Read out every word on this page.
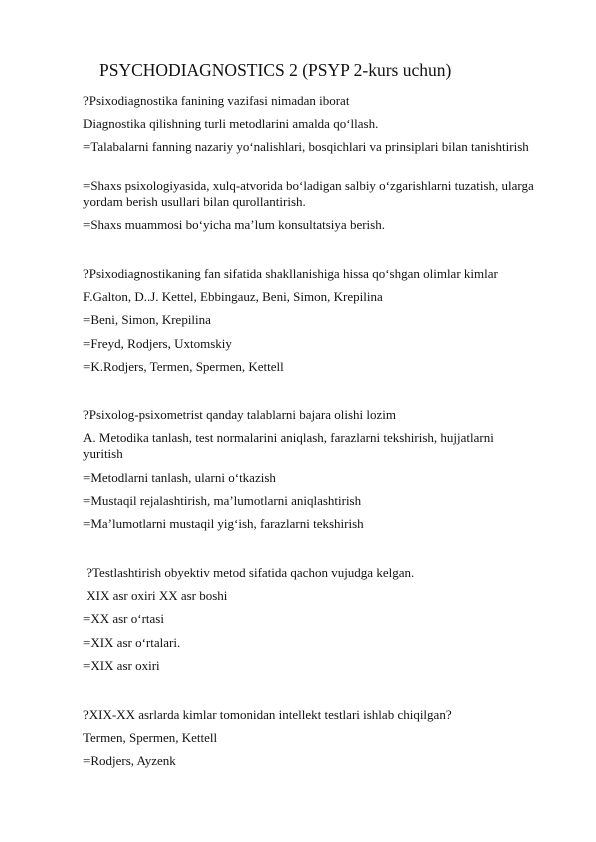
PSYCHODIAGNOSTICS 2 (PSYP 2-kurs uchun)
?Psixodiagnostika fanining vazifasi nimadan iborat
Diagnostika qilishning turli metodlarini amalda qo‘llash.
=Talabalarni fanning nazariy yo‘nalishlari, bosqichlari va prinsiplari bilan tanishtirish
=Shaxs psixologiyasida, xulq-atvorida bo‘ladigan salbiy o‘zgarishlarni tuzatish, ularga yordam berish usullari bilan qurollantirish.
=Shaxs muammosi bo‘yicha ma’lum konsultatsiya berish.
?Psixodiagnostikaning fan sifatida shakllanishiga hissa qo‘shgan olimlar kimlar
F.Galton, D..J. Kettel, Ebbingauz, Beni, Simon, Krepilina
=Beni, Simon, Krepilina
=Freyd, Rodjers, Uxtomskiy
=K.Rodjers, Termen, Spermen, Kettell
?Psixolog-psixometrist qanday talablarni bajara olishi lozim
A. Metodika tanlash, test normalarini aniqlash, farazlarni tekshirish, hujjatlarni yuritish
=Metodlarni tanlash, ularni o‘tkazish
=Mustaqil rejalashtirish, ma’lumotlarni aniqlashtirish
=Ma’lumotlarni mustaqil yig‘ish, farazlarni tekshirish
?Testlashtirish obyektiv metod sifatida qachon vujudga kelgan.
XIX asr oxiri XX asr boshi
=XX asr o‘rtasi
=XIX asr o‘rtalari.
=XIX asr oxiri
?XIX-XX asrlarda kimlar tomonidan intellekt testlari ishlab chiqilgan?
Termen, Spermen, Kettell
=Rodjers, Ayzenk
